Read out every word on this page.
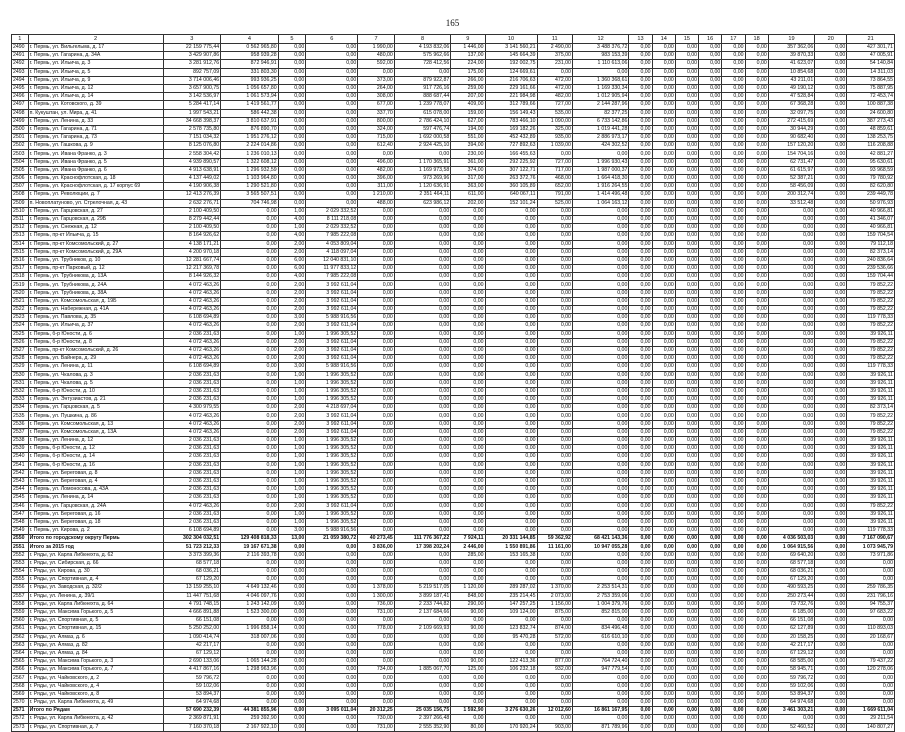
165
1	2	3	4	5	6	7	8	9	10	11	12	13	14	15	16	17	18	19	20	21
2490	г. Пермь, ул. Вильгельма, д. 17	22 159 775,44	0 562 965,80	0,00	0,00	1 990,00	4 193 832,06	1 446,00	3 141 560,21	2 490,00	3 488 376,72	0,00	0,00	0,00	0,00	0,00	0,00	357 362,06	0,00	427 301,71
2491	г. Пермь, ул. Гагарина, д. 34А	3 429 907,86	958 939,28	0,00	0,00	480,00	575 962,66	137,00	145 664,39	375,00	983 153,39	0,00	0,00	0,00	0,00	0,00	0,00	39 870,33	0,00	47 005,91
2492	г. Пермь, ул. Ильича, д. 3	3 281 912,76	872 946,91	0,00	0,00	592,00	728 412,56	224,00	192 002,75	231,00	1 110 613,06	0,00	0,00	0,00	0,00	0,00	0,00	41 623,07	0,00	54 140,84
2493	г. Пермь, ул. Ильича, д. 5	892 757,09	331 803,30	0,00	0,00	0,00	0,00	175,00	124 669,61	0,00	0,00	0,00	0,00	0,00	0,00	0,00	0,00	10 854,68	0,00	14 311,03
2494	г. Пермь, ул. Ильича, д. 9	3 714 006,46	993 936,25	0,00	0,00	373,00	879 922,87	266,00	216 706,63	472,00	1 360 368,61	0,00	0,00	0,00	0,00	0,00	0,00	43 211,01	0,00	73 864,55
2495	г. Пермь, ул. Ильича, д. 12	3 657 900,75	1 056 657,80	0,00	0,00	264,00	917 726,16	259,00	229 161,66	472,00	1 169 330,34	0,00	0,00	0,00	0,00	0,00	0,00	49 190,12	0,00	75 887,95
2496	г. Пермь, ул. Ильича, д. 14	3 142 536,97	1 061 573,94	0,00	0,00	308,00	888 687,44	207,00	221 984,98	482,00	1 012 905,94	0,00	0,00	0,00	0,00	0,00	0,00	47 528,84	0,00	72 453,74
2497	г. Пермь, ул. Котовского, д. 39	5 284 417,14	1 419 561,77	0,00	0,00	677,00	1 239 778,07	409,00	312 789,66	727,00	2 144 287,96	0,00	0,00	0,00	0,00	0,00	0,00	67 368,28	0,00	100 887,38
2498	п. Кукуштан, ул. Мира, д. 41	1 997 543,21	586 442,38	0,00	0,00	337,70	615 078,00	159,00	156 149,43	535,00	82 377,25	0,00	0,00	0,00	0,00	0,00	0,00	32 097,75	0,00	24 600,80
2499	г. Пермь, ул. Ленина, д. 33	34 668 398,37	3 810 637,91	0,00	0,00	800,00	2 786 424,10	627,00	783 466,10	1 090,00	6 733 142,86	0,00	0,00	0,00	0,00	0,00	0,00	272 415,69	0,00	387 273,43
2500	г. Пермь, ул. Гагарина, д. 71	2 578 735,80	876 890,70	0,00	0,00	324,00	597 476,74	194,00	169 182,26	325,00	1 019 441,28	0,00	0,00	0,00	0,00	0,00	0,00	30 944,29	0,00	48 859,61
2501	г. Пермь, ул. Гагарина, д. 73	7 151 034,32	1 951 276,12	0,00	0,00	715,00	1 692 000,58	551,00	452 432,89	935,00	2 886 973,17	0,00	0,00	0,00	0,00	0,00	0,00	90 682,40	0,00	138 253,75
2502	г. Пермь, ул. Гашкова, д. 9	8 125 076,80	2 224 014,86	0,00	0,00	612,40	2 924 425,10	394,00	727 892,63	1 039,00	424 302,52	0,00	0,00	0,00	0,00	0,00	0,00	157 120,20	0,00	116 208,88
2503	г. Пермь, ул. Ивана Франко, д. 3	2 558 304,42	1 236 010,13	0,00	0,00	0,00	0,00	230,00	166 455,63	0,00	0,00	0,00	0,00	0,00	0,00	0,00	0,00	154 704,16	0,00	42 881,27
2504	г. Пермь, ул. Ивана Франко, д. 5	4 939 890,57	1 322 608,12	0,00	0,00	496,00	1 170 365,91	361,00	292 225,92	727,00	1 996 930,43	0,00	0,00	0,00	0,00	0,00	0,00	62 731,47	0,00	95 630,61
2505	г. Пермь, ул. Ивана Франко, д. 6	4 913 638,91	1 296 932,59	0,00	0,00	482,00	1 169 973,58	374,00	307 122,71	717,00	1 987 000,37	0,00	0,00	0,00	0,00	0,00	0,00	61 615,97	0,00	93 968,59
2506	г. Пермь, ул. Краснофлотская, д. 18	4 137 449,02	1 103 964,80	0,00	0,00	396,00	973 269,96	317,00	263 372,76	468,00	1 664 418,30	0,00	0,00	0,00	0,00	0,00	0,00	52 387,21	0,00	79 780,92
2507	г. Пермь, ул. Краснофлотская, д. 17 корпус 69	4 190 906,38	1 290 521,80	0,00	0,00	311,00	1 120 636,91	363,00	360 105,89	652,00	1 916 264,55	0,00	0,00	0,00	0,00	0,00	0,00	58 456,09	0,00	82 620,80
2508	г. Пермь, ул. Революции, д. 7	12 413 276,39	3 565 507,51	0,00	0,00	1 210,00	2 351 464,11	611,00	640 067,11	791,00	1 414 496,48	0,00	0,00	0,00	0,00	0,00	0,00	200 312,74	0,00	239 449,78
2509	п. Новоплатуново, ул. Стрелочная, д. 43	2 632 276,71	704 746,98	0,00	0,00	488,00	623 986,12	202,00	152 101,24	525,00	1 064 163,12	0,00	0,00	0,00	0,00	0,00	0,00	33 512,48	0,00	50 976,93
2510	г. Пермь, ул. Гарцовская, д. 27	2 100 409,50	0,00	1,00	2 029 332,52	0,00	0,00	0,00	0,00	0,00	0,00	0,00	0,00	0,00	0,00	0,00	0,00	0,00	0,00	40 966,81
2511	г. Пермь, ул. Гарцовская, д. 29Б	8 279 442,44	0,00	4,00	8 111 218,08	0,00	0,00	0,00	0,00	0,00	0,00	0,00	0,00	0,00	0,00	0,00	0,00	0,00	0,00	41 346,07
2512	г. Пермь, ул. Снежная, д. 12	2 100 409,50	0,00	1,00	2 029 332,52	0,00	0,00	0,00	0,00	0,00	0,00	0,00	0,00	0,00	0,00	0,00	0,00	0,00	0,00	40 966,81
2513	г. Пермь, пр-кт Ильича, д. 15	8 164 926,62	0,00	4,00	7 985 222,08	0,00	0,00	0,00	0,00	0,00	0,00	0,00	0,00	0,00	0,00	0,00	0,00	0,00	0,00	159 704,54
2514	г. Пермь, пр-кт Комсомольский, д. 27	4 138 171,21	0,00	2,00	4 053 809,04	0,00	0,00	0,00	0,00	0,00	0,00	0,00	0,00	0,00	0,00	0,00	0,00	0,00	0,00	79 112,18
2515	г. Пермь, пр-кт Комсомольский, д. 29А	4 200 970,18	0,00	2,00	4 118 097,04	0,00	0,00	0,00	0,00	0,00	0,00	0,00	0,00	0,00	0,00	0,00	0,00	0,00	0,00	82 373,14
2516	г. Пермь, ул. Трубников, д. 10	12 281 667,74	0,00	6,00	12 040 831,10	0,00	0,00	0,00	0,00	0,00	0,00	0,00	0,00	0,00	0,00	0,00	0,00	0,00	0,00	240 836,64
2517	г. Пермь, пр-кт Парковый, д. 12	12 217 369,78	0,00	6,00	11 977 833,12	0,00	0,00	0,00	0,00	0,00	0,00	0,00	0,00	0,00	0,00	0,00	0,00	0,00	0,00	239 536,66
2518	г. Пермь, ул. Трубникова, д. 13А	8 144 926,32	0,00	4,00	7 985 222,08	0,00	0,00	0,00	0,00	0,00	0,00	0,00	0,00	0,00	0,00	0,00	0,00	0,00	0,00	159 704,44
2519	г. Пермь, ул. Трубникова, д. 24А	4 072 463,26	0,00	2,00	3 992 611,04	0,00	0,00	0,00	0,00	0,00	0,00	0,00	0,00	0,00	0,00	0,00	0,00	0,00	0,00	79 852,22
2520	г. Пермь, ул. Трубникова, д. 38А	4 072 463,26	0,00	2,00	3 992 611,04	0,00	0,00	0,00	0,00	0,00	0,00	0,00	0,00	0,00	0,00	0,00	0,00	0,00	0,00	79 852,22
2521	г. Пермь, ул. Комсомольская, д. 19Б	4 072 463,26	0,00	2,00	3 992 611,04	0,00	0,00	0,00	0,00	0,00	0,00	0,00	0,00	0,00	0,00	0,00	0,00	0,00	0,00	79 852,22
2522	г. Пермь, ул. Набережная, д. 41А	4 072 463,26	0,00	2,00	3 992 611,04	0,00	0,00	0,00	0,00	0,00	0,00	0,00	0,00	0,00	0,00	0,00	0,00	0,00	0,00	79 852,22
2523	г. Пермь, ул. Павлова, д. 35	6 108 694,89	0,00	3,00	5 988 916,56	0,00	0,00	0,00	0,00	0,00	0,00	0,00	0,00	0,00	0,00	0,00	0,00	0,00	0,00	119 778,33
2524	г. Пермь, ул. Ильича, д. 37	4 072 463,26	0,00	2,00	3 992 611,04	0,00	0,00	0,00	0,00	0,00	0,00	0,00	0,00	0,00	0,00	0,00	0,00	0,00	0,00	79 852,22
2525	г. Пермь, б-р Юности, д. 6	2 036 231,63	0,00	1,00	1 996 305,52	0,00	0,00	0,00	0,00	0,00	0,00	0,00	0,00	0,00	0,00	0,00	0,00	0,00	0,00	39 926,11
2526	г. Пермь, б-р Юности, д. 8	4 072 463,26	0,00	2,00	3 992 611,04	0,00	0,00	0,00	0,00	0,00	0,00	0,00	0,00	0,00	0,00	0,00	0,00	0,00	0,00	79 852,22
2527	г. Пермь, пр-кт Комсомольский, д. 26	4 072 463,26	0,00	2,00	3 992 611,04	0,00	0,00	0,00	0,00	0,00	0,00	0,00	0,00	0,00	0,00	0,00	0,00	0,00	0,00	79 852,22
2528	г. Пермь, ул. Вайнера, д. 29	4 072 463,26	0,00	2,00	3 992 611,04	0,00	0,00	0,00	0,00	0,00	0,00	0,00	0,00	0,00	0,00	0,00	0,00	0,00	0,00	79 852,22
2529	г. Пермь, ул. Ленина, д. 11	6 108 694,89	0,00	3,00	5 988 916,56	0,00	0,00	0,00	0,00	0,00	0,00	0,00	0,00	0,00	0,00	0,00	0,00	0,00	0,00	119 778,33
2530	г. Пермь, ул. Чкалова, д. 3	2 036 231,63	0,00	1,00	1 996 305,52	0,00	0,00	0,00	0,00	0,00	0,00	0,00	0,00	0,00	0,00	0,00	0,00	0,00	0,00	39 926,11
2531	г. Пермь, ул. Чкалова, д. 5	2 036 231,63	0,00	1,00	1 996 305,52	0,00	0,00	0,00	0,00	0,00	0,00	0,00	0,00	0,00	0,00	0,00	0,00	0,00	0,00	39 926,11
2532	г. Пермь, б-р Юности, д. 10	2 036 231,63	0,00	1,00	1 996 305,52	0,00	0,00	0,00	0,00	0,00	0,00	0,00	0,00	0,00	0,00	0,00	0,00	0,00	0,00	39 926,11
2533	г. Пермь, ул. Энтузиастов, д. 21	2 036 231,63	0,00	1,00	1 996 305,52	0,00	0,00	0,00	0,00	0,00	0,00	0,00	0,00	0,00	0,00	0,00	0,00	0,00	0,00	39 926,11
2534	г. Пермь, ул. Гарцовская, д. 5	4 300 979,55	0,00	2,00	4 218 697,04	0,00	0,00	0,00	0,00	0,00	0,00	0,00	0,00	0,00	0,00	0,00	0,00	0,00	0,00	82 373,14
2535	г. Пермь, ул. Пушкина, д. 86	4 072 463,26	0,00	2,00	3 992 611,04	0,00	0,00	0,00	0,00	0,00	0,00	0,00	0,00	0,00	0,00	0,00	0,00	0,00	0,00	79 852,22
2536	г. Пермь, ул. Комсомольская, д. 13	4 072 463,26	0,00	2,00	3 992 611,04	0,00	0,00	0,00	0,00	0,00	0,00	0,00	0,00	0,00	0,00	0,00	0,00	0,00	0,00	79 852,22
2537	г. Пермь, ул. Комсомольская, д. 13А	4 072 463,26	0,00	2,00	3 992 611,04	0,00	0,00	0,00	0,00	0,00	0,00	0,00	0,00	0,00	0,00	0,00	0,00	0,00	0,00	79 852,22
2538	г. Пермь, ул. Ленина, д. 12	2 036 231,63	0,00	1,00	1 996 305,52	0,00	0,00	0,00	0,00	0,00	0,00	0,00	0,00	0,00	0,00	0,00	0,00	0,00	0,00	39 926,11
2539	г. Пермь, б-р Юности, д. 12	2 036 231,63	0,00	1,00	1 996 305,52	0,00	0,00	0,00	0,00	0,00	0,00	0,00	0,00	0,00	0,00	0,00	0,00	0,00	0,00	39 926,11
2540	г. Пермь, б-р Юности, д. 14	2 036 231,63	0,00	1,00	1 996 305,52	0,00	0,00	0,00	0,00	0,00	0,00	0,00	0,00	0,00	0,00	0,00	0,00	0,00	0,00	39 926,11
2541	г. Пермь, б-р Юности, д. 16	2 036 231,63	0,00	1,00	1 996 305,52	0,00	0,00	0,00	0,00	0,00	0,00	0,00	0,00	0,00	0,00	0,00	0,00	0,00	0,00	39 926,11
2542	г. Пермь, ул. Береговая, д. 8	2 036 231,63	0,00	1,00	1 996 305,52	0,00	0,00	0,00	0,00	0,00	0,00	0,00	0,00	0,00	0,00	0,00	0,00	0,00	0,00	39 926,11
2543	г. Пермь, ул. Береговая, д. 4	2 036 231,63	0,00	1,00	1 996 305,52	0,00	0,00	0,00	0,00	0,00	0,00	0,00	0,00	0,00	0,00	0,00	0,00	0,00	0,00	39 926,11
2544	г. Пермь, ул. Ломоносова, д. 43А	2 036 231,63	0,00	1,00	1 996 305,52	0,00	0,00	0,00	0,00	0,00	0,00	0,00	0,00	0,00	0,00	0,00	0,00	0,00	0,00	39 926,11
2545	г. Пермь, ул. Ленина, д. 14	2 036 231,63	0,00	1,00	1 996 305,52	0,00	0,00	0,00	0,00	0,00	0,00	0,00	0,00	0,00	0,00	0,00	0,00	0,00	0,00	39 926,11
2546	г. Пермь, ул. Гарцовская, д. 24А	4 072 463,26	0,00	2,00	3 992 611,04	0,00	0,00	0,00	0,00	0,00	0,00	0,00	0,00	0,00	0,00	0,00	0,00	0,00	0,00	79 852,22
2547	г. Пермь, ул. Береговая, д. 16	2 036 231,63	0,00	1,00	1 996 305,52	0,00	0,00	0,00	0,00	0,00	0,00	0,00	0,00	0,00	0,00	0,00	0,00	0,00	0,00	39 926,11
2548	г. Пермь, ул. Береговая, д. 18	2 036 231,63	0,00	1,00	1 996 305,52	0,00	0,00	0,00	0,00	0,00	0,00	0,00	0,00	0,00	0,00	0,00	0,00	0,00	0,00	39 926,11
2549	г. Пермь, ул. Кирова, д. 2	6 108 694,89	0,00	3,00	5 988 916,56	0,00	0,00	0,00	0,00	0,00	0,00	0,00	0,00	0,00	0,00	0,00	0,00	0,00	0,00	119 778,33
2550	Итого по городскому округу Пермь	302 304 032,51	129 408 818,33	13,00	21 059 380,72	40 273,45	111 776 367,22	7 924,11	20 331 144,85	59 362,92	68 421 143,36	0,00	0,00	0,00	0,00	0,00	0,00	4 036 503,03	0,00	7 167 090,67
2551	Итого за 2015 год	51 723 212,33	19 167 671,38	0,00	0,00	3 836,00	17 398 202,24	2 446,00	1 550 891,86	11 161,00	10 947 055,28	0,00	0,00	0,00	0,00	0,00	0,00	1 064 915,56	0,00	1 073 945,79
2552	г. Ряды, ул. Карла Либкнехта, д. 62	3 373 399,36	2 116 393,78	0,00	0,00	0,00	0,00	285,00	153 165,38	0,00	0,00	0,00	0,00	0,00	0,00	0,00	0,00	69 640,20	0,00	73 971,86
2553	г. Ряды, ул. Сибирская, д. 66	68 577,18	0,00	0,00	0,00	0,00	0,00	0,00	0,00	0,00	0,00	0,00	0,00	0,00	0,00	0,00	0,00	68 577,18	0,00	0,00
2554	г. Ряды, ул. Кирова, д. 30	68 036,21	0,00	0,00	0,00	0,00	0,00	0,00	0,00	0,00	0,00	0,00	0,00	0,00	0,00	0,00	0,00	68 036,21	0,00	0,00
2555	г. Ряды, ул. Спортивная, д. 4	67 129,20	0,00	0,00	0,00	0,00	0,00	0,00	0,00	0,00	0,00	0,00	0,00	0,00	0,00	0,00	0,00	67 129,20	0,00	0,00
2556	г. Ряды, ул. Заводская, д. 32/2	13 159 255,10	4 649 132,46	0,00	0,00	1 378,00	5 219 517,05	1 120,00	289 287,02	1 370,00	2 253 514,31	0,00	0,00	0,00	0,00	0,00	0,00	490 593,25	0,00	259 786,35
2557	г. Ряды, ул. Ленина, д. 39/1	11 447 751,68	4 046 097,76	0,00	0,00	1 300,00	3 899 187,41	848,00	235 214,45	2 073,00	2 753 359,06	0,00	0,00	0,00	0,00	0,00	0,00	250 273,44	0,00	231 796,16
2558	г. Ряды, ул. Карла Либкнехта, д. 64	4 791 748,15	1 243 142,09	0,00	0,00	736,00	2 233 744,82	290,00	147 257,25	1 156,00	1 004 379,76	0,00	0,00	0,00	0,00	0,00	0,00	73 732,76	0,00	94 755,37
2559	г. Ряды, ул. Максима Горького, д. 5	4 666 891,88	1 523 300,00	0,00	0,00	731,00	2 137 684,66	90,00	109 124,00	875,00	852 815,00	0,00	0,00	0,00	0,00	0,00	0,00	6 185,00	0,00	97 683,22
2560	г. Ряды, ул. Спортивная, д. 5	66 151,08	0,00	0,00	0,00	0,00	0,00	0,00	0,00	0,00	0,00	0,00	0,00	0,00	0,00	0,00	0,00	66 151,08	0,00	0,00
2561	г. Ряды, ул. Спортивная, д. 15	5 250 252,00	1 996 858,14	0,00	0,00	778,00	2 109 669,93	90,00	123 832,74	874,00	834 496,48	0,00	0,00	0,00	0,00	0,00	0,00	62 127,89	0,00	110 893,03
2562	г. Ряды, ул. Алмаз, д. 6	1 090 414,74	318 007,06	0,00	0,00	0,00	0,00	0,00	95 470,28	572,00	616 610,10	0,00	0,00	0,00	0,00	0,00	0,00	20 158,25	0,00	20 168,67
2563	г. Ряды, ул. Алмаз, д. 82	42 217,17	0,00	0,00	0,00	0,00	0,00	0,00	0,00	0,00	0,00	0,00	0,00	0,00	0,00	0,00	0,00	42 217,17	0,00	0,00
2564	г. Ряды, ул. Алмаз, д. 84	67 129,12	0,00	0,00	0,00	0,00	0,00	0,00	0,00	0,00	0,00	0,00	0,00	0,00	0,00	0,00	0,00	67 129,12	0,00	0,00
2565	г. Ряды, ул. Максима Горького, д. 3	2 690 133,06	1 065 144,28	0,00	0,00	0,00	0,00	90,00	122 413,36	877,00	764 724,40	0,00	0,00	0,00	0,00	0,00	0,00	68 585,00	0,00	79 437,22
2566	г. Ряды, ул. Максима Горького, д. 7	4 417 867,16	1 298 963,96	0,00	0,00	734,00	1 885 067,70	125,00	106 232,18	932,00	947 779,54	0,00	0,00	0,00	0,00	0,00	0,00	58 945,71	0,00	120 278,06
2567	г. Ряды, ул. Чайковского, д. 2	59 796,72	0,00	0,00	0,00	0,00	0,00	0,00	0,00	0,00	0,00	0,00	0,00	0,00	0,00	0,00	0,00	59 796,72	0,00	0,00
2568	г. Ряды, ул. Чайковского, д. 4	59 102,06	0,00	0,00	0,00	0,00	0,00	0,00	0,00	0,00	0,00	0,00	0,00	0,00	0,00	0,00	0,00	59 102,06	0,00	0,00
2569	г. Ряды, ул. Чайковского, д. 8	53 894,37	0,00	0,00	0,00	0,00	0,00	0,00	0,00	0,00	0,00	0,00	0,00	0,00	0,00	0,00	0,00	53 894,37	0,00	0,00
2570	г. Ряды, ул. Карла Либкнехта, д. 49	64 974,68	0,00	0,00	0,00	0,00	0,00	0,00	0,00	0,00	0,00	0,00	0,00	0,00	0,00	0,00	0,00	64 974,68	0,00	0,00
2571	Итого по Рядам	57 690 232,39	44 381 855,96	0,00	3 095 011,04	20 312,25	25 035 156,75	1 592,90	3 276 630,26	12 012,60	16 861 167,95	0,00	0,00	0,00	0,00	0,00	0,00	3 461 303,21	0,00	1 669 611,04
2572	г. Ряды, ул. Карла Либкнехта, д. 42	2 369 871,91	259 392,90	0,00	0,00	730,00	2 397 266,48	0,00	0,00	0,00	0,00	0,00	0,00	0,00	0,00	0,00	0,00	0,00	0,00	29 211,54
2573	г. Ряды, ул. Спортивная, д. 7	7 160 370,18	2 167 922,10	0,00	0,00	731,00	2 555 352,90	80,00	170 920,24	903,00	871 789,96	0,00	0,00	0,00	0,00	0,00	0,00	52 460,52	0,00	140 807,27
